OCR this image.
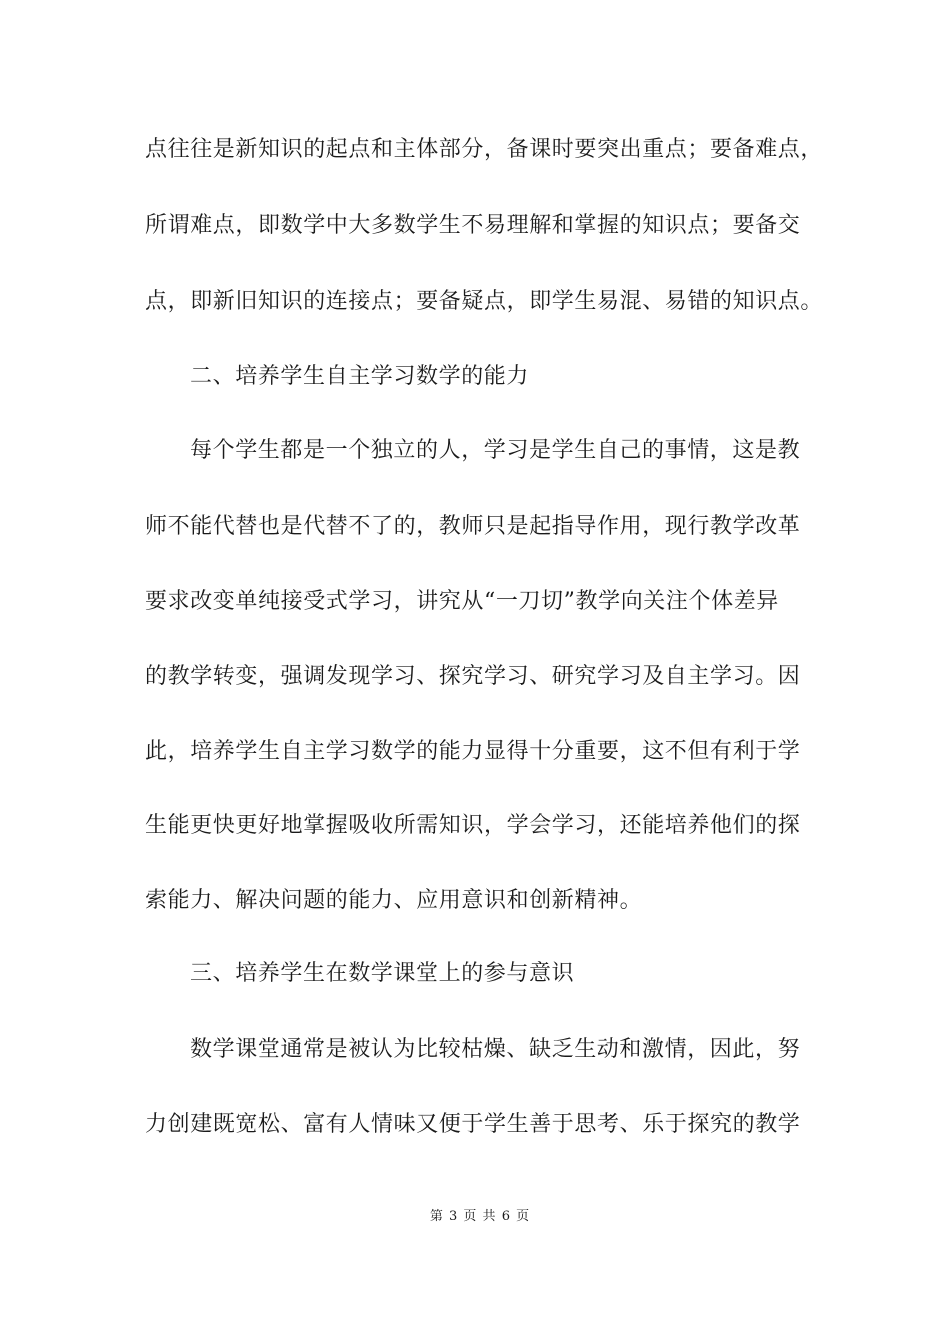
点往往是新知识的起点和主体部分，备课时要突出重点；要备难点，
所谓难点，即数学中大多数学生不易理解和掌握的知识点；要备交
点，即新旧知识的连接点；要备疑点，即学生易混、易错的知识点。
二、培养学生自主学习数学的能力
每个学生都是一个独立的人，学习是学生自己的事情，这是教
师不能代替也是代替不了的，教师只是起指导作用，现行教学改革
要求改变单纯接受式学习，讲究从“一刀切”教学向关注个体差异
的教学转变，强调发现学习、探究学习、研究学习及自主学习。因
此，培养学生自主学习数学的能力显得十分重要，这不但有利于学
生能更快更好地掌握吸收所需知识，学会学习，还能培养他们的探
索能力、解决问题的能力、应用意识和创新精神。
三、培养学生在数学课堂上的参与意识
数学课堂通常是被认为比较枯燥、缺乏生动和激情，因此，努
力创建既宽松、富有人情味又便于学生善于思考、乐于探究的教学
第 3 页 共 6 页
